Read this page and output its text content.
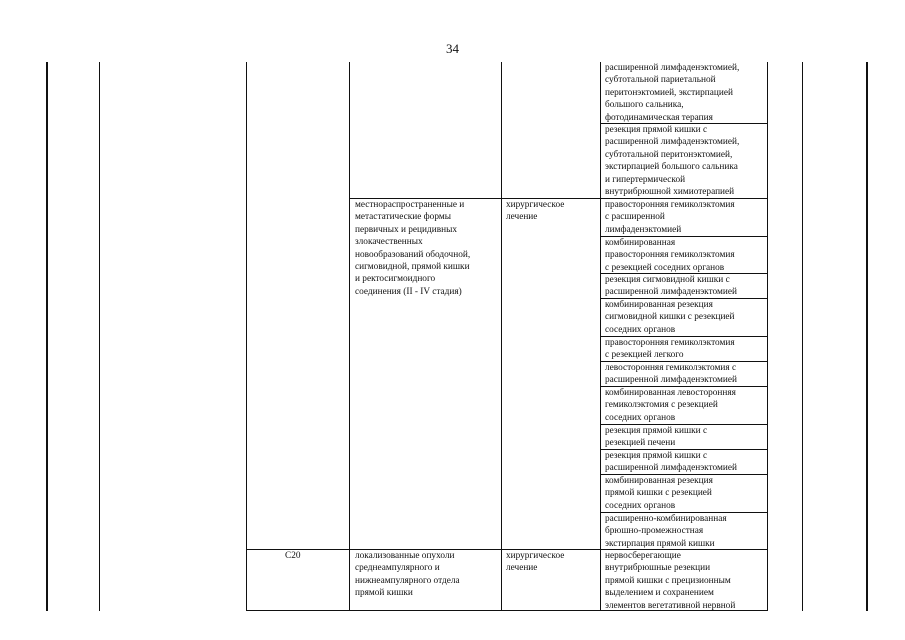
34
расширенной лимфаденэктомией,
субтотальной париетальной
перитонэктомией, экстирпацией
большого сальника,
фотодинамическая терапия
резекция прямой кишки с
расширенной лимфаденэктомией,
субтотальной перитонэктомией,
экстирпацией большого сальника
и гипертермической
внутрибрюшной химиотерапией
правосторонняя гемиколэктомия
с расширенной
лимфаденэктомией
комбинированная
правосторонняя гемиколэктомия
с резекцией соседних органов
резекция сигмовидной кишки с
расширенной лимфаденэктомией
комбинированная резекция
сигмовидной кишки с резекцией
соседних органов
правосторонняя гемиколэктомия
с резекцией легкого
левосторонняя гемиколэктомия с
расширенной лимфаденэктомией
комбинированная левосторонняя
гемиколэктомия с резекцией
соседних органов
резекция прямой кишки с
резекцией печени
резекция прямой кишки с
расширенной лимфаденэктомией
комбинированная резекция
прямой кишки с резекцией
соседних органов
расширенно-комбинированная
брюшно-промежностная
экстирпация прямой кишки
местнораспространенные и
метастатические формы
первичных и рецидивных
злокачественных
новообразований ободочной,
сигмовидной, прямой кишки
и ректосигмоидного
соединения (II - IV стадия)
хирургическое
лечение
C20	локализованные опухоли
среднеампулярного и
нижнеампулярного отдела
прямой кишки
хирургическое
лечение
нервосберегающие
внутрибрюшные резекции
прямой кишки с прецизионным
выделением и сохранением
элементов вегетативной нервной
